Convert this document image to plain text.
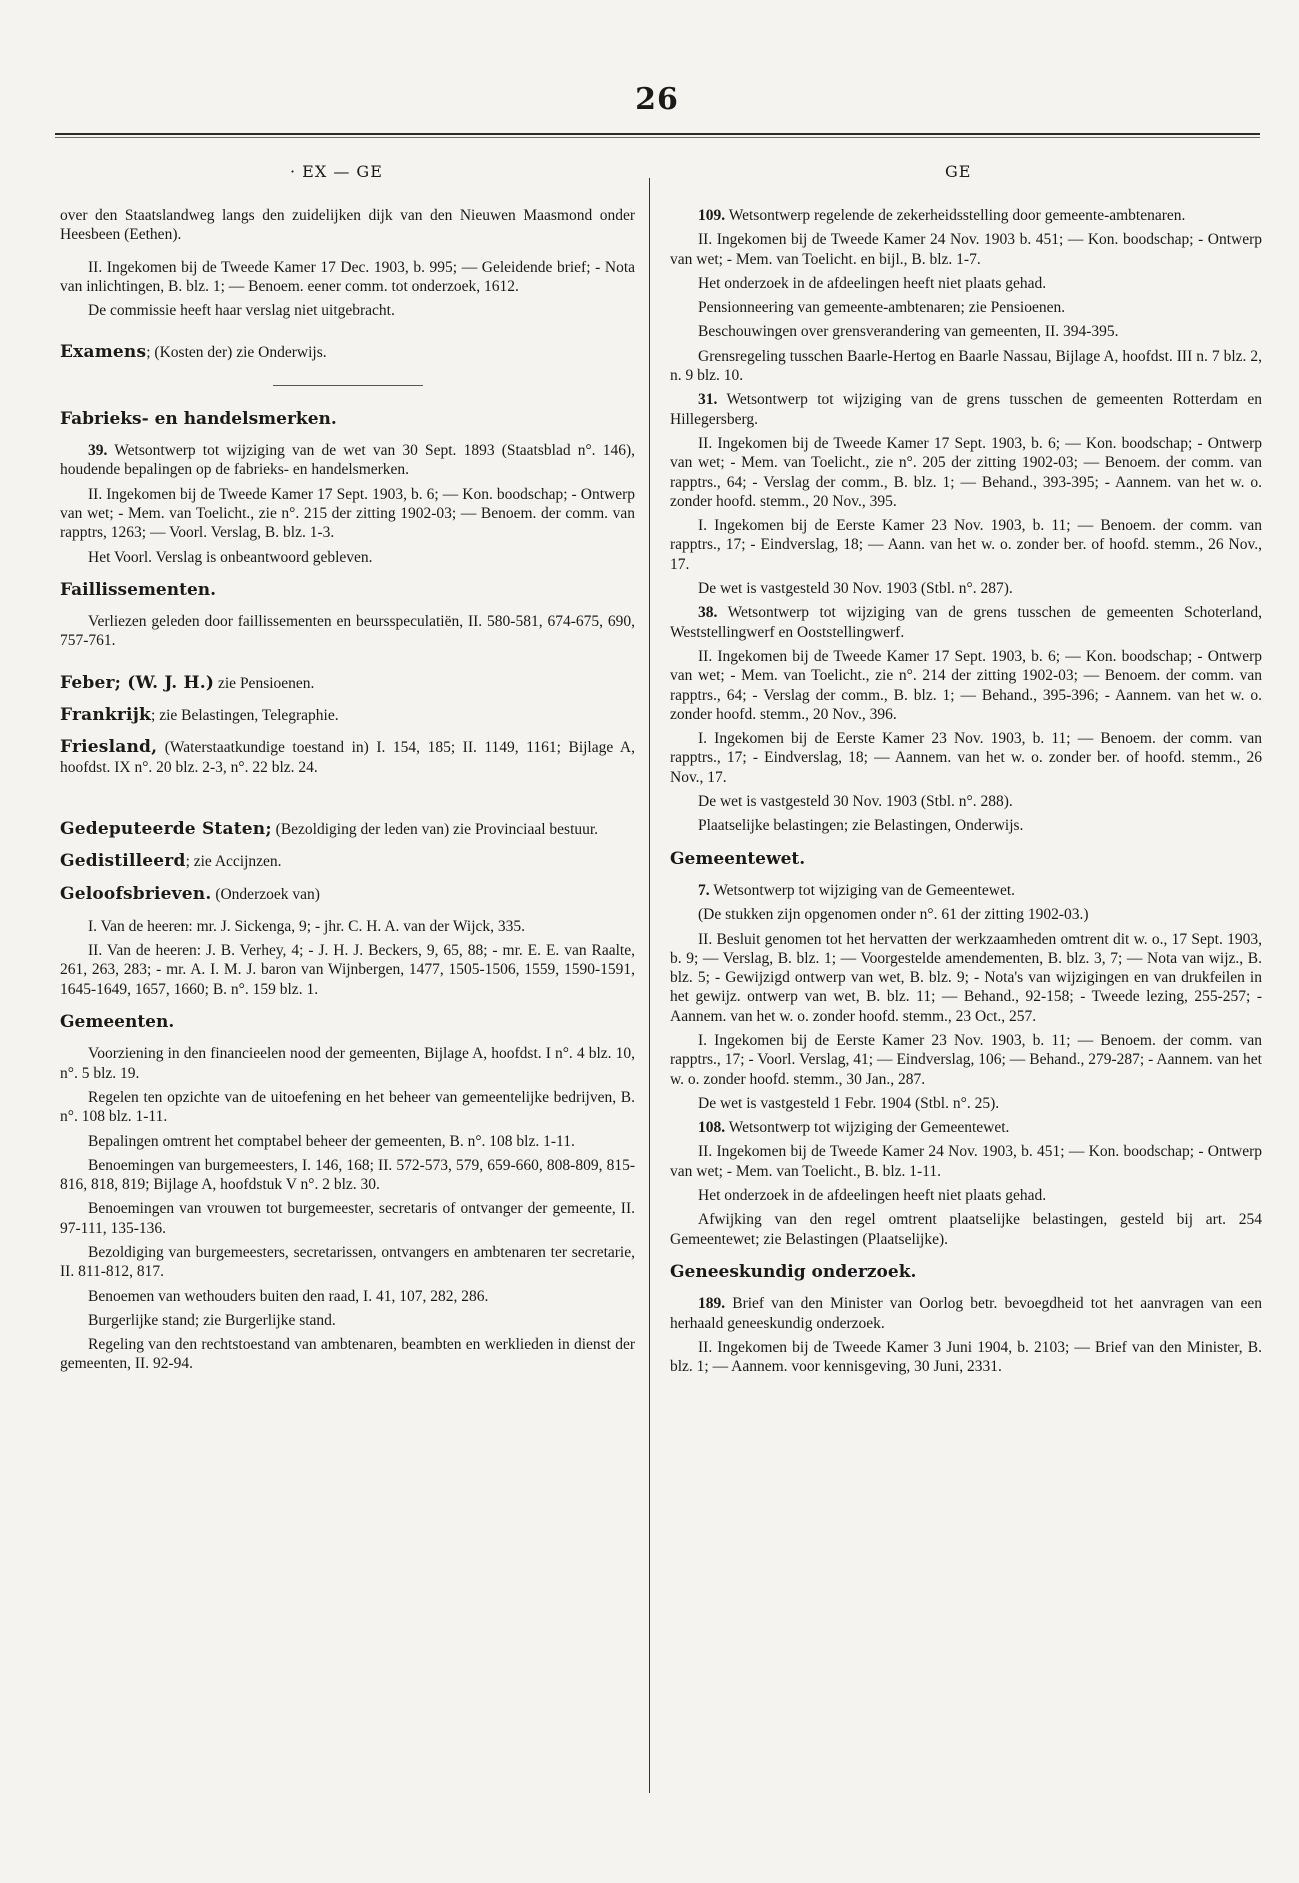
26
· EX — GE	GE

over den Staatslandweg langs den zuidelijken dijk van den Nieuwen Maasmond onder Heesbeen (Eethen).

II. Ingekomen bij de Tweede Kamer 17 Dec. 1903, b. 995; — Geleidende brief; - Nota van inlichtingen, B. blz. 1; — Benoem. eener comm. tot onderzoek, 1612.

De commissie heeft haar verslag niet uitgebracht.

Examens; (Kosten der) zie Onderwijs.

Fabrieks- en handelsmerken.

39. Wetsontwerp tot wijziging van de wet van 30 Sept. 1893 (Staatsblad n°. 146), houdende bepalingen op de fabrieks- en handelsmerken.

II. Ingekomen bij de Tweede Kamer 17 Sept. 1903, b. 6; — Kon. boodschap; - Ontwerp van wet; - Mem. van Toelicht., zie n°. 215 der zitting 1902-03; — Benoem. der comm. van rapptrs, 1263; — Voorl. Verslag, B. blz. 1-3.

Het Voorl. Verslag is onbeantwoord gebleven.

Faillissementen.

Verliezen geleden door faillissementen en beursspeculatiën, II. 580-581, 674-675, 690, 757-761.

Feber; (W. J. H.) zie Pensioenen.

Frankrijk; zie Belastingen, Telegraphie.

Friesland, (Waterstaatkundige toestand in) I. 154, 185; II. 1149, 1161; Bijlage A, hoofdst. IX n°. 20 blz. 2-3, n°. 22 blz. 24.

Gedeputeerde Staten; (Bezoldiging der leden van) zie Provinciaal bestuur.

Gedistilleerd; zie Accijnzen.

Geloofsbrieven. (Onderzoek van)

I. Van de heeren: mr. J. Sickenga, 9; - jhr. C. H. A. van der Wijck, 335.

II. Van de heeren: J. B. Verhey, 4; - J. H. J. Beckers, 9, 65, 88; - mr. E. E. van Raalte, 261, 263, 283; - mr. A. I. M. J. baron van Wijnbergen, 1477, 1505-1506, 1559, 1590-1591, 1645-1649, 1657, 1660; B. n°. 159 blz. 1.

Gemeenten.

Voorziening in den financieelen nood der gemeenten, Bijlage A, hoofdst. I n°. 4 blz. 10, n°. 5 blz. 19.

Regelen ten opzichte van de uitoefening en het beheer van gemeentelijke bedrijven, B. n°. 108 blz. 1-11.

Bepalingen omtrent het comptabel beheer der gemeenten, B. n°. 108 blz. 1-11.

Benoemingen van burgemeesters, I. 146, 168; II. 572-573, 579, 659-660, 808-809, 815-816, 818, 819; Bijlage A, hoofdstuk V n°. 2 blz. 30.

Benoemingen van vrouwen tot burgemeester, secretaris of ontvanger der gemeente, II. 97-111, 135-136.

Bezoldiging van burgemeesters, secretarissen, ontvangers en ambtenaren ter secretarie, II. 811-812, 817.

Benoemen van wethouders buiten den raad, I. 41, 107, 282, 286.

Burgerlijke stand; zie Burgerlijke stand.

Regeling van den rechtstoestand van ambtenaren, beambten en werklieden in dienst der gemeenten, II. 92-94.

109. Wetsontwerp regelende de zekerheidsstelling door gemeente-ambtenaren.

II. Ingekomen bij de Tweede Kamer 24 Nov. 1903 b. 451; — Kon. boodschap; - Ontwerp van wet; - Mem. van Toelicht. en bijl., B. blz. 1-7.

Het onderzoek in de afdeelingen heeft niet plaats gehad.

Pensionneering van gemeente-ambtenaren; zie Pensioenen.

Beschouwingen over grensverandering van gemeenten, II. 394-395.

Grensregeling tusschen Baarle-Hertog en Baarle Nassau, Bijlage A, hoofdst. III n. 7 blz. 2, n. 9 blz. 10.

31. Wetsontwerp tot wijziging van de grens tusschen de gemeenten Rotterdam en Hillegersberg.

II. Ingekomen bij de Tweede Kamer 17 Sept. 1903, b. 6; — Kon. boodschap; - Ontwerp van wet; - Mem. van Toelicht., zie n°. 205 der zitting 1902-03; — Benoem. der comm. van rapptrs., 64; - Verslag der comm., B. blz. 1; — Behand., 393-395; - Aannem. van het w. o. zonder hoofd. stemm., 20 Nov., 395.

I. Ingekomen bij de Eerste Kamer 23 Nov. 1903, b. 11; — Benoem. der comm. van rapptrs., 17; - Eindverslag, 18; — Aann. van het w. o. zonder ber. of hoofd. stemm., 26 Nov., 17.

De wet is vastgesteld 30 Nov. 1903 (Stbl. n°. 287).

38. Wetsontwerp tot wijziging van de grens tusschen de gemeenten Schoterland, Weststellingwerf en Ooststellingwerf.

II. Ingekomen bij de Tweede Kamer 17 Sept. 1903, b. 6; — Kon. boodschap; - Ontwerp van wet; - Mem. van Toelicht., zie n°. 214 der zitting 1902-03; — Benoem. der comm. van rapptrs., 64; - Verslag der comm., B. blz. 1; — Behand., 395-396; - Aannem. van het w. o. zonder hoofd. stemm., 20 Nov., 396.

I. Ingekomen bij de Eerste Kamer 23 Nov. 1903, b. 11; — Benoem. der comm. van rapptrs., 17; - Eindverslag, 18; — Aannem. van het w. o. zonder ber. of hoofd. stemm., 26 Nov., 17.

De wet is vastgesteld 30 Nov. 1903 (Stbl. n°. 288).

Plaatselijke belastingen; zie Belastingen, Onderwijs.

Gemeentewet.

7. Wetsontwerp tot wijziging van de Gemeentewet.

(De stukken zijn opgenomen onder n°. 61 der zitting 1902-03.)

II. Besluit genomen tot het hervatten der werkzaamheden omtrent dit w. o., 17 Sept. 1903, b. 9; — Verslag, B. blz. 1; — Voorgestelde amendementen, B. blz. 3, 7; — Nota van wijz., B. blz. 5; - Gewijzigd ontwerp van wet, B. blz. 9; - Nota's van wijzigingen en van drukfeilen in het gewijz. ontwerp van wet, B. blz. 11; — Behand., 92-158; - Tweede lezing, 255-257; - Aannem. van het w. o. zonder hoofd. stemm., 23 Oct., 257.

I. Ingekomen bij de Eerste Kamer 23 Nov. 1903, b. 11; — Benoem. der comm. van rapptrs., 17; - Voorl. Verslag, 41; — Eindverslag, 106; — Behand., 279-287; - Aannem. van het w. o. zonder hoofd. stemm., 30 Jan., 287.

De wet is vastgesteld 1 Febr. 1904 (Stbl. n°. 25).

108. Wetsontwerp tot wijziging der Gemeentewet.

II. Ingekomen bij de Tweede Kamer 24 Nov. 1903, b. 451; — Kon. boodschap; - Ontwerp van wet; - Mem. van Toelicht., B. blz. 1-11.

Het onderzoek in de afdeelingen heeft niet plaats gehad.

Afwijking van den regel omtrent plaatselijke belastingen, gesteld bij art. 254 Gemeentewet; zie Belastingen (Plaatselijke).

Geneeskundig onderzoek.

189. Brief van den Minister van Oorlog betr. bevoegdheid tot het aanvragen van een herhaald geneeskundig onderzoek.

II. Ingekomen bij de Tweede Kamer 3 Juni 1904, b. 2103; — Brief van den Minister, B. blz. 1; — Aannem. voor kennisgeving, 30 Juni, 2331.
